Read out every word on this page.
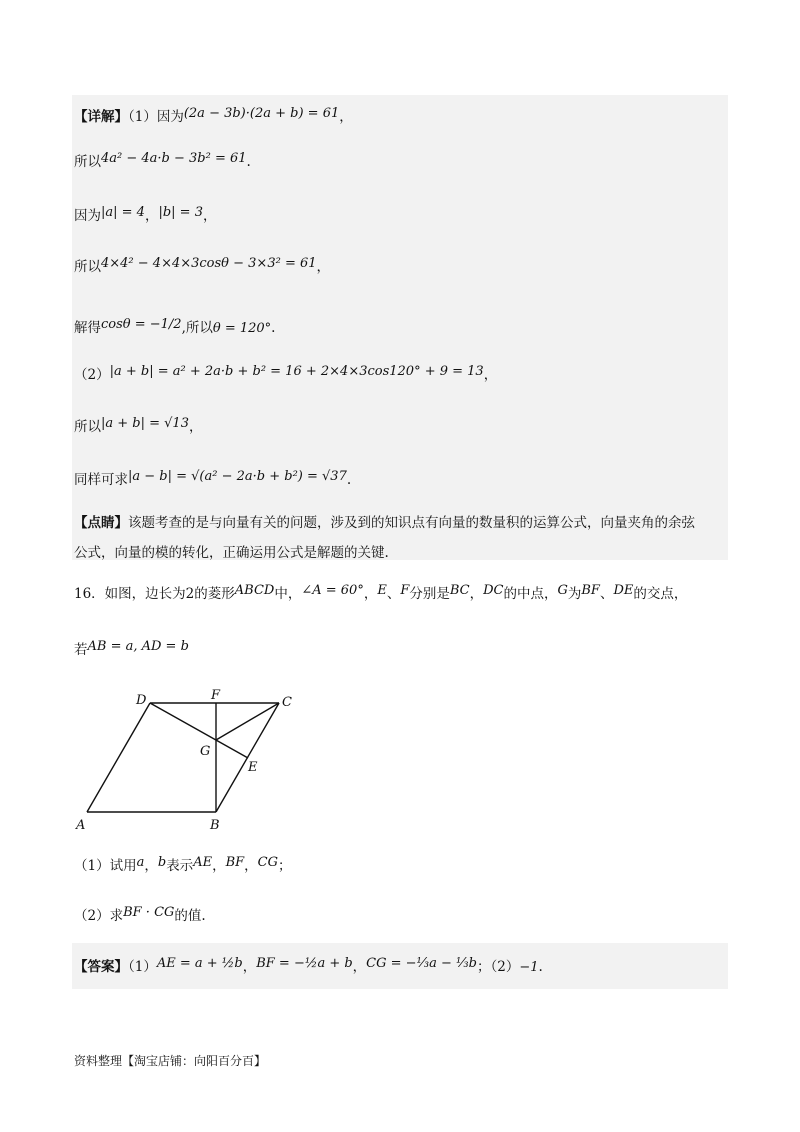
【详解】（1）因为(2a − 3b)·(2a + b) = 61，
所以4a² − 4a·b − 3b² = 61.
因为|a| = 4，|b| = 3，
所以4×4² − 4×4×3cosθ − 3×3² = 61，
解得cosθ = −1/2,所以θ = 120°.
（2）|a + b| = a² + 2a·b + b² = 16 + 2×4×3cos120° + 9 = 13，
所以|a + b| = √13，
同样可求|a − b| = √(a² − 2a·b + b²) = √37.
【点睛】该题考查的是与向量有关的问题，涉及到的知识点有向量的数量积的运算公式，向量夹角的余弦
公式，向量的模的转化，正确运用公式是解题的关键.
16．如图，边长为2的菱形ABCD中，∠A = 60°，E、F分别是BC，DC的中点，G为BF、DE的交点，
若AB = a, AD = b
A	B
C
D
E
F
G
（1）试用a，b表示AE，BF，CG；
（2）求BF · CG的值.
【答案】（1）AE = a + ½b，BF = −½a + b，CG = −⅓a − ⅓b；（2）−1.
资料整理【淘宝店铺：向阳百分百】
